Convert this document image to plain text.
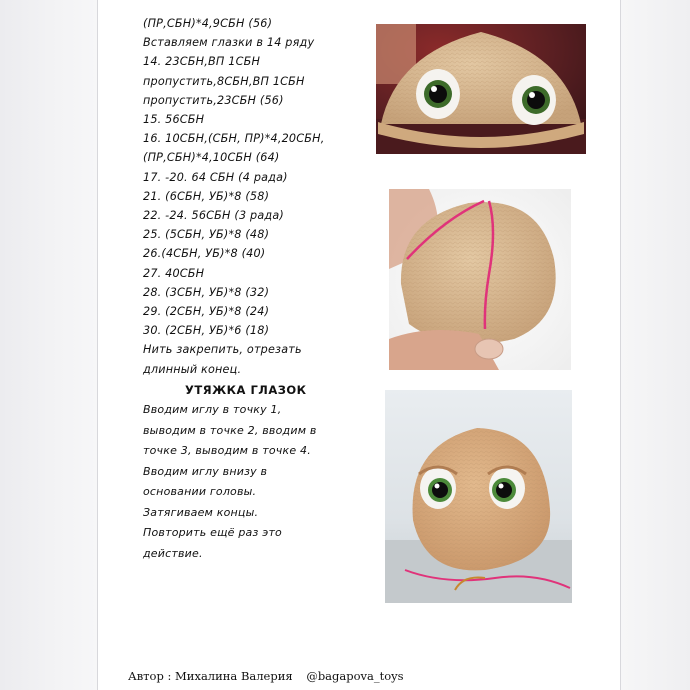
(ПР,СБН)*4,9СБН (56)
Вставляем глазки в 14 ряду
14. 23СБН,ВП 1СБН
пропустить,8СБН,ВП 1СБН
пропустить,23СБН (56)
15. 56СБН
16. 10СБН,(СБН, ПР)*4,20СБН,
(ПР,СБН)*4,10СБН (64)
17. -20. 64 СБН (4 рада)
21. (6СБН, УБ)*8 (58)
22. -24. 56СБН (3 рада)
25. (5СБН, УБ)*8 (48)
26.(4СБН, УБ)*8 (40)
27. 40СБН
28. (3СБН, УБ)*8 (32)
29. (2СБН, УБ)*8 (24)
30. (2СБН, УБ)*6 (18)
Нить закрепить, отрезать
длинный конец.
УТЯЖКА ГЛАЗОК
Вводим иглу в точку 1,
выводим в точке 2, вводим в
точке 3, выводим в точке 4.
Вводим иглу внизу в
основании головы.
Затягиваем концы.
Повторить ещё раз это
действие.
Автор : Михалина Валерия @bagapova_toys
